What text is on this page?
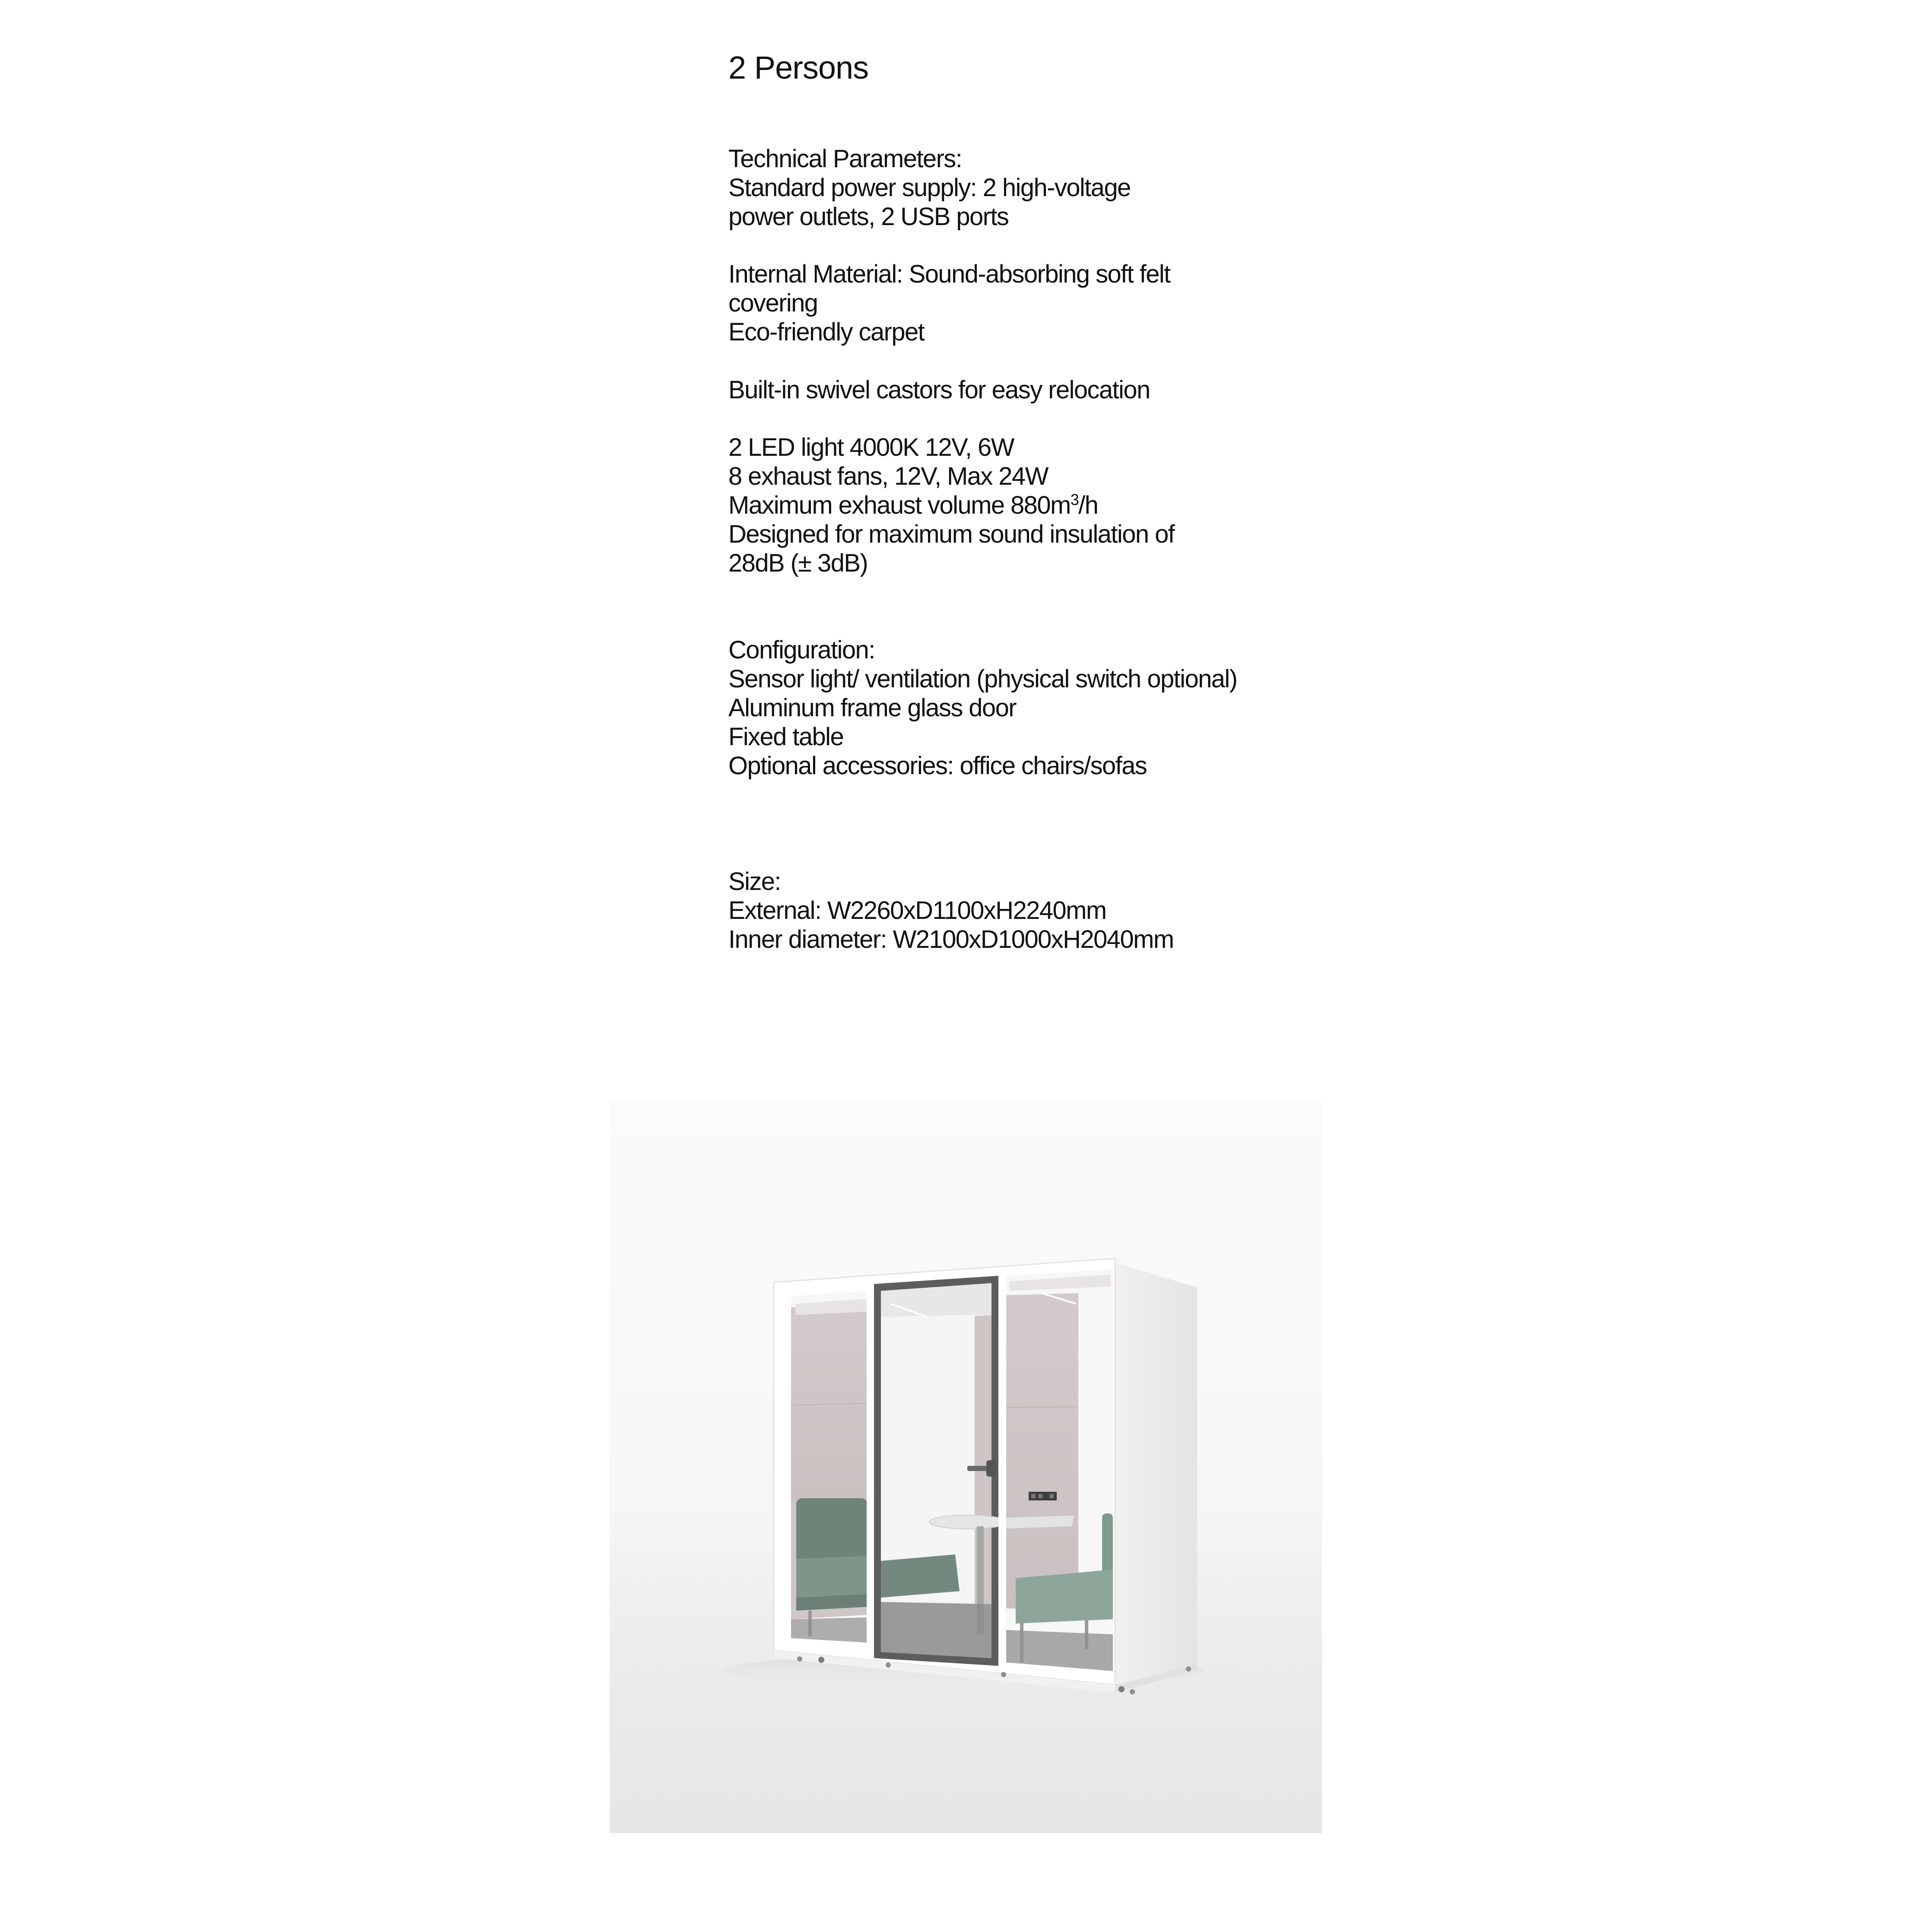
2 Persons
Technical Parameters:
Standard power supply: 2 high-voltage
power outlets, 2 USB ports
Internal Material: Sound-absorbing soft felt
covering
Eco-friendly carpet
Built-in swivel castors for easy relocation
2 LED light 4000K 12V, 6W
8 exhaust fans, 12V, Max 24W
Maximum exhaust volume $880m^3/h$
Designed for maximum sound insulation of
28dB (± 3dB)
Configuration:
Sensor light/ ventilation (physical switch optional)
Aluminum frame glass door
Fixed table
Optional accessories: office chairs/sofas
Size:
External: W2260xD1100xH2240mm
Inner diameter: W2100xD1000xH2040mm
